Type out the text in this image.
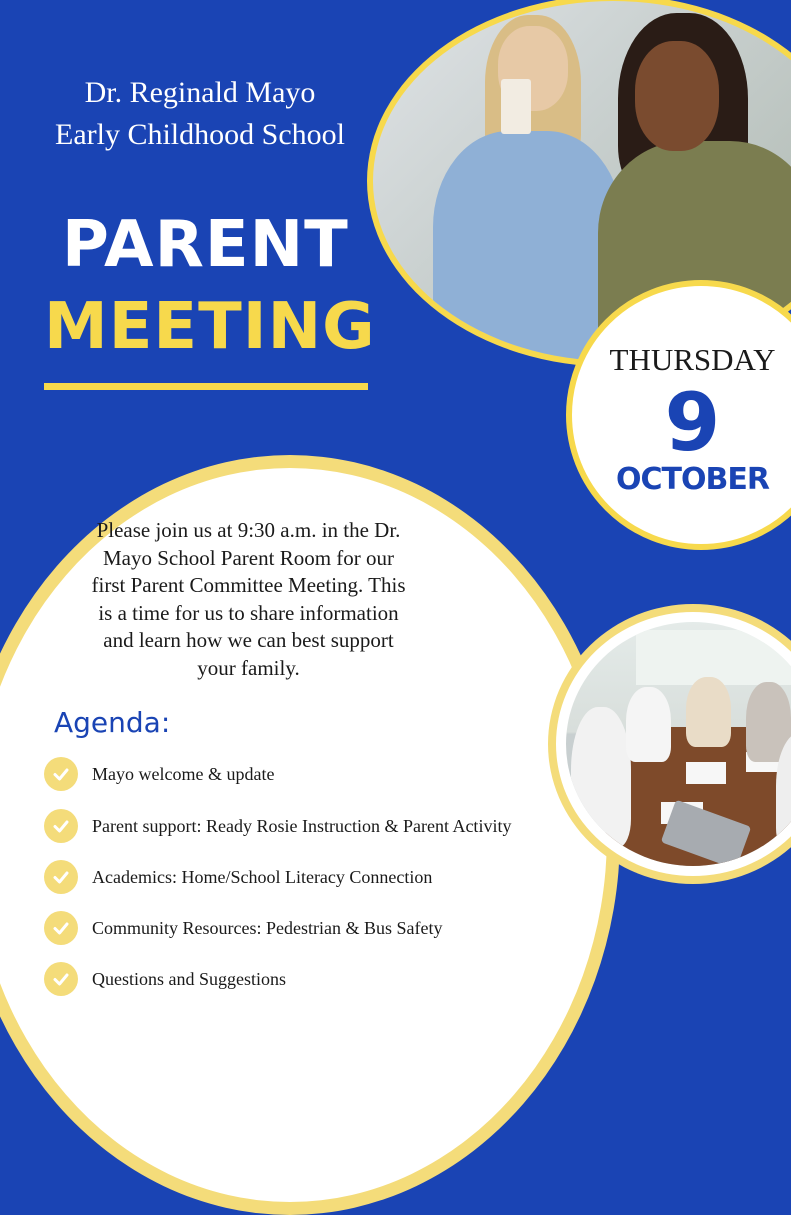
Dr. Reginald Mayo
Early Childhood School
PARENT
MEETING	THURSDAY
9
OCTOBER
Please join us at 9:30 a.m. in the Dr.
Mayo School Parent Room for our
first Parent Committee Meeting. This
is a time for us to share information
and learn how we can best support
your family.
Agenda:
Mayo welcome & update
Parent support: Ready Rosie Instruction & Parent Activity
Academics: Home/School Literacy Connection
Community Resources: Pedestrian & Bus Safety
Questions and Suggestions
